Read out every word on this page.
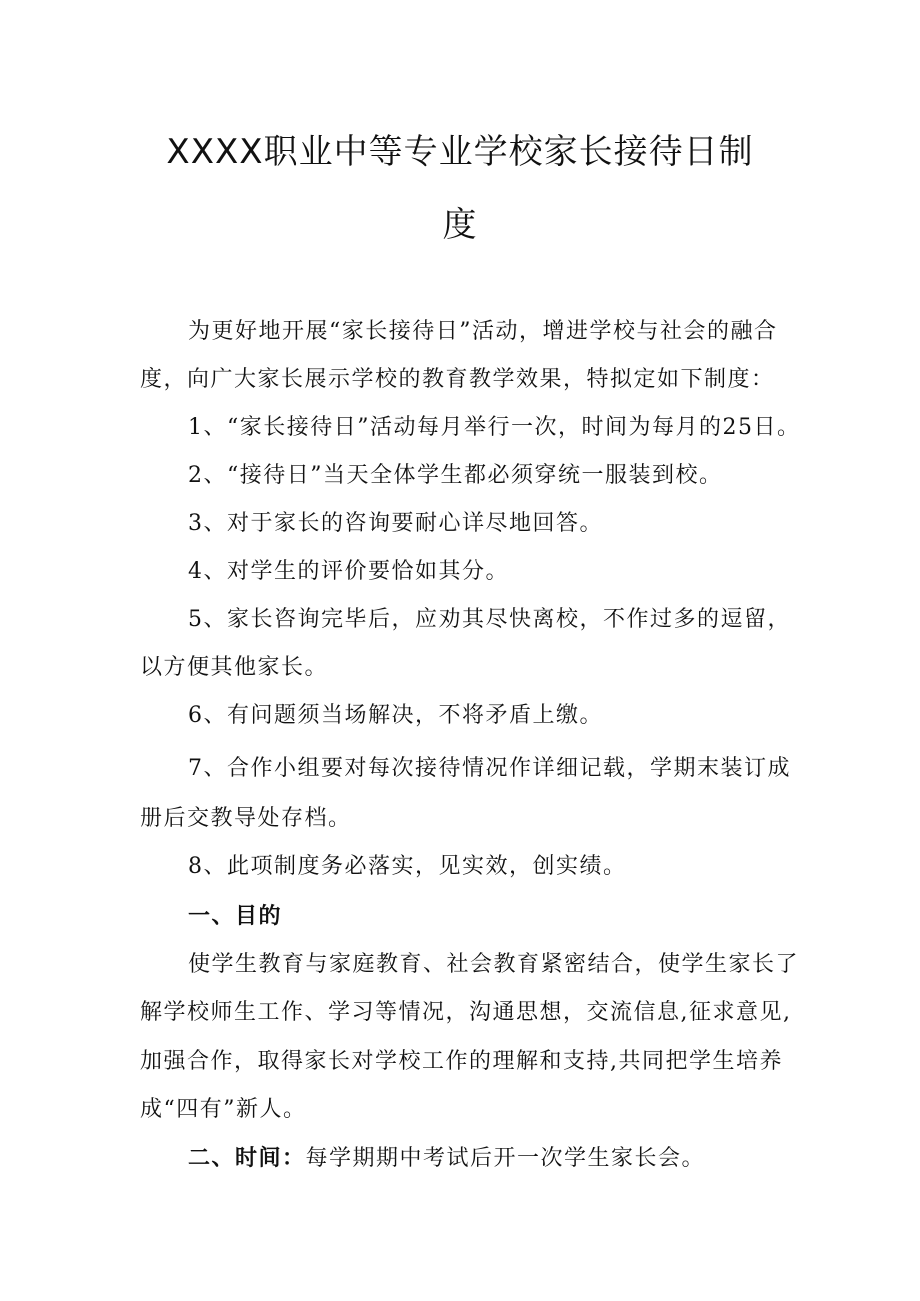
XXXX职业中等专业学校家长接待日制
度

为更好地开展“家长接待日”活动，增进学校与社会的融合

度，向广大家长展示学校的教育教学效果，特拟定如下制度：

1、“家长接待日”活动每月举行一次，时间为每月的25日。

2、“接待日”当天全体学生都必须穿统一服装到校。

3、对于家长的咨询要耐心详尽地回答。

4、对学生的评价要恰如其分。

5、家长咨询完毕后，应劝其尽快离校，不作过多的逗留，

以方便其他家长。

6、有问题须当场解决，不将矛盾上缴。

7、合作小组要对每次接待情况作详细记载，学期末装订成

册后交教导处存档。

8、此项制度务必落实，见实效，创实绩。

一、目的

使学生教育与家庭教育、社会教育紧密结合，使学生家长了

解学校师生工作、学习等情况，沟通思想，交流信息,征求意见,

加强合作，取得家长对学校工作的理解和支持,共同把学生培养

成“四有”新人。

二、时间：每学期期中考试后开一次学生家长会。
